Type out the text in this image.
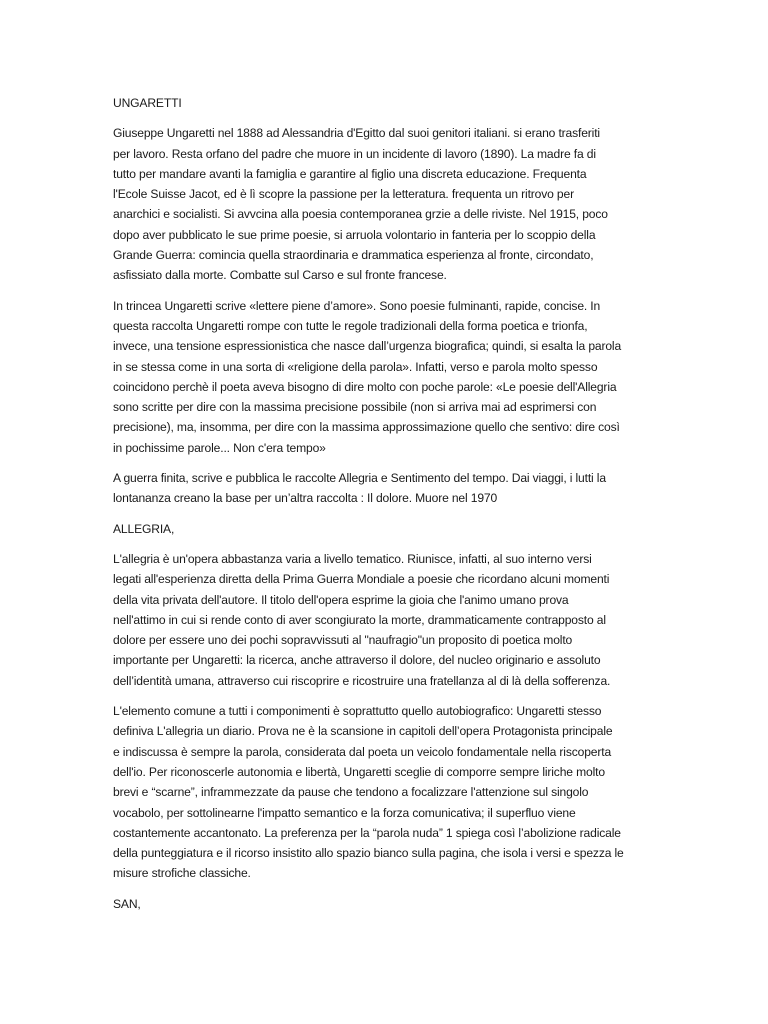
UNGARETTI
Giuseppe Ungaretti nel 1888 ad Alessandria d'Egitto dal suoi genitori italiani. si erano trasferiti
per lavoro. Resta orfano del padre che muore in un incidente di lavoro (1890). La madre fa di
tutto per mandare avanti la famiglia e garantire al figlio una discreta educazione. Frequenta
l'Ecole Suisse Jacot, ed è lì scopre la passione per la letteratura. frequenta un ritrovo per
anarchici e socialisti. Si avvcina alla poesia contemporanea grzie a delle riviste. Nel 1915, poco
dopo aver pubblicato le sue prime poesie, si arruola volontario in fanteria per lo scoppio della
Grande Guerra: comincia quella straordinaria e drammatica esperienza al fronte, circondato,
asfissiato dalla morte. Combatte sul Carso e sul fronte francese.
In trincea Ungaretti scrive «lettere piene d’amore». Sono poesie fulminanti, rapide, concise. In
questa raccolta Ungaretti rompe con tutte le regole tradizionali della forma poetica e trionfa,
invece, una tensione espressionistica che nasce dall’urgenza biografica; quindi, si esalta la parola
in se stessa come in una sorta di «religione della parola». Infatti, verso e parola molto spesso
coincidono perchè il poeta aveva bisogno di dire molto con poche parole: «Le poesie dell'Allegria
sono scritte per dire con la massima precisione possibile (non si arriva mai ad esprimersi con
precisione), ma, insomma, per dire con la massima approssimazione quello che sentivo: dire così
in pochissime parole... Non c'era tempo»
A guerra finita, scrive e pubblica le raccolte Allegria e Sentimento del tempo. Dai viaggi, i lutti la
lontananza creano la base per un’altra raccolta : Il dolore. Muore nel 1970
ALLEGRIA,
L'allegria è un'opera abbastanza varia a livello tematico. Riunisce, infatti, al suo interno versi
legati all'esperienza diretta della Prima Guerra Mondiale a poesie che ricordano alcuni momenti
della vita privata dell'autore. Il titolo dell'opera esprime la gioia che l'animo umano prova
nell'attimo in cui si rende conto di aver scongiurato la morte, drammaticamente contrapposto al
dolore per essere uno dei pochi sopravvissuti al "naufragio"un proposito di poetica molto
importante per Ungaretti: la ricerca, anche attraverso il dolore, del nucleo originario e assoluto
dell’identità umana, attraverso cui riscoprire e ricostruire una fratellanza al di là della sofferenza.
L'elemento comune a tutti i componimenti è soprattutto quello autobiografico: Ungaretti stesso
definiva L'allegria un diario. Prova ne è la scansione in capitoli dell’opera Protagonista principale
e indiscussa è sempre la parola, considerata dal poeta un veicolo fondamentale nella riscoperta
dell'io. Per riconoscerle autonomia e libertà, Ungaretti sceglie di comporre sempre liriche molto
brevi e “scarne”, inframmezzate da pause che tendono a focalizzare l'attenzione sul singolo
vocabolo, per sottolinearne l'impatto semantico e la forza comunicativa; il superfluo viene
costantemente accantonato. La preferenza per la “parola nuda” 1 spiega così l’abolizione radicale
della punteggiatura e il ricorso insistito allo spazio bianco sulla pagina, che isola i versi e spezza le
misure strofiche classiche.
SAN,
